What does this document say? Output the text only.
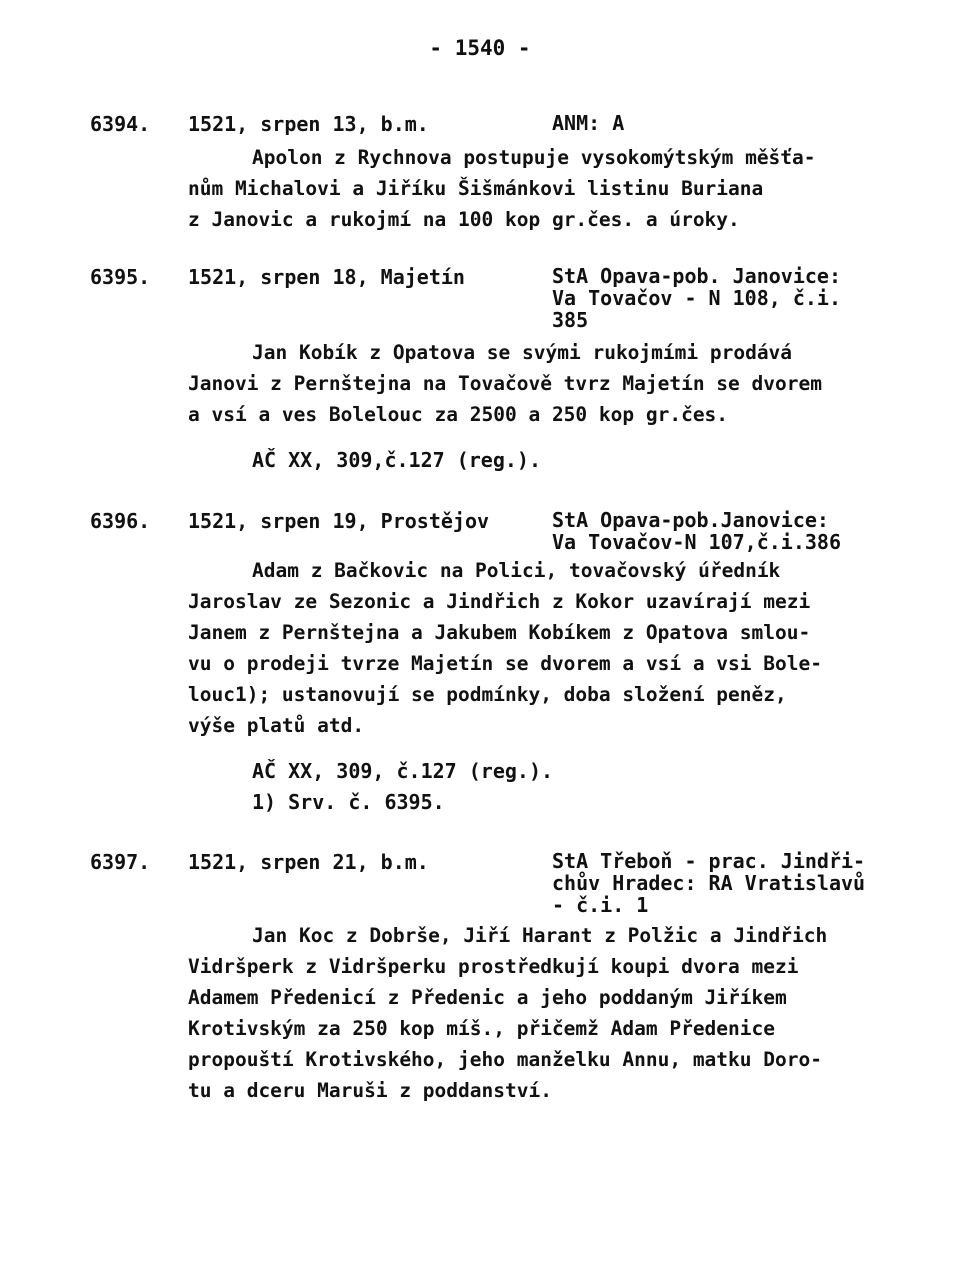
- 1540 -
6394. 1521, srpen 13, b.m.	ANM: A
Apolon z Rychnova postupuje vysokomýtským měšťa-
nům Michalovi a Jiříku Šišmánkovi listinu Buriana
z Janovic a rukojmí na 100 kop gr.čes. a úroky.
6395. 1521, srpen 18, Majetín	StA Opava-pob. Janovice:
Va Tovačov - N 108, č.i.
385
Jan Kobík z Opatova se svými rukojmími prodává
Janovi z Pernštejna na Tovačově tvrz Majetín se dvorem
a vsí a ves Bolelouc za 2500 a 250 kop gr.čes.
AČ XX, 309,č.127 (reg.).
6396. 1521, srpen 19, Prostějov	StA Opava-pob.Janovice:
Va Tovačov-N 107,č.i.386
Adam z Bačkovic na Polici, tovačovský úředník
Jaroslav ze Sezonic a Jindřich z Kokor uzavírají mezi
Janem z Pernštejna a Jakubem Kobíkem z Opatova smlou-
vu o prodeji tvrze Majetín se dvorem a vsí a vsi Bole-
louc1); ustanovují se podmínky, doba složení peněz,
výše platů atd.
AČ XX, 309, č.127 (reg.).
1) Srv. č. 6395.
6397. 1521, srpen 21, b.m.	StA Třeboň - prac. Jindři-
chův Hradec: RA Vratislavů
- č.i. 1
Jan Koc z Dobrše, Jiří Harant z Polžic a Jindřich
Vidršperk z Vidršperku prostředkují koupi dvora mezi
Adamem Předenicí z Předenic a jeho poddaným Jiříkem
Krotivským za 250 kop míš., přičemž Adam Předenice
propouští Krotivského, jeho manželku Annu, matku Doro-
tu a dceru Maruši z poddanství.
